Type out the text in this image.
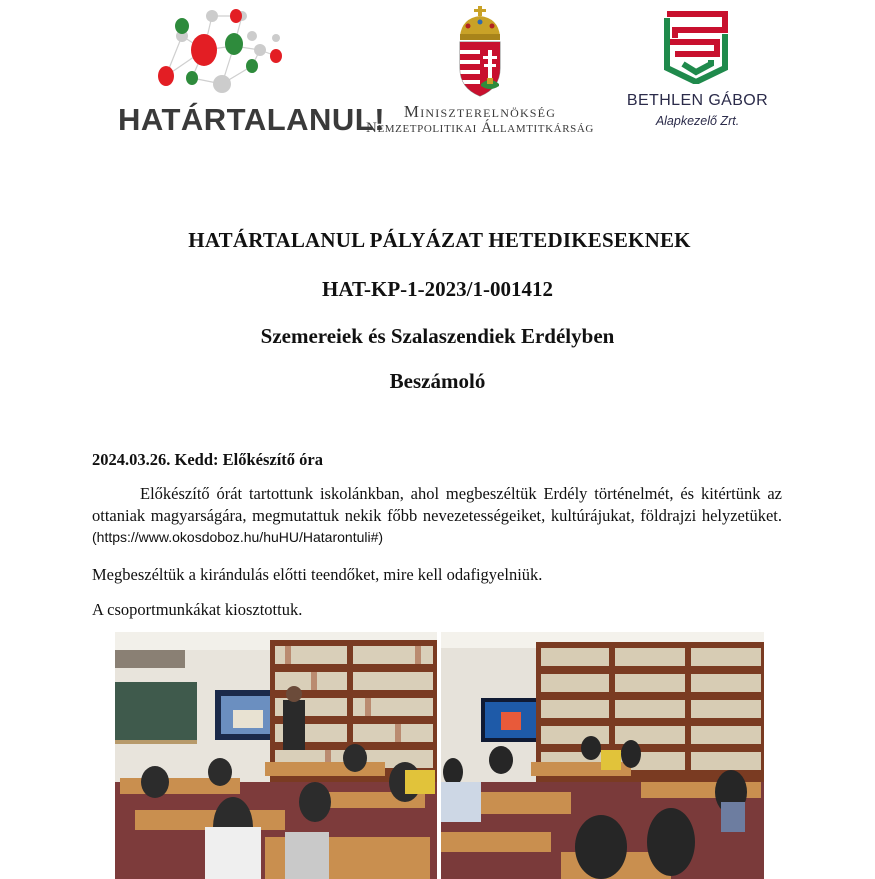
HATÁRTALANUL!	Miniszterelnökség
Nemzetpolitikai Államtitkárság
BETHLEN GÁBOR
Alapkezelő Zrt.
HATÁRTALANUL PÁLYÁZAT HETEDIKESEKNEK
HAT-KP-1-2023/1-001412
Szemereiek és Szalaszendiek Erdélyben
Beszámoló
2024.03.26. Kedd: Előkészítő óra

Előkészítő órát tartottunk iskolánkban, ahol megbeszéltük Erdély történelmét, és kitértünk az ottaniak magyarságára, megmutattuk nekik főbb nevezetességeiket, kultúrájukat, földrajzi helyzetüket. (https://www.okosdoboz.hu/huHU/Hatarontuli#)

Megbeszéltük a kirándulás előtti teendőket, mire kell odafigyelniük.

A csoportmunkákat kiosztottuk.
